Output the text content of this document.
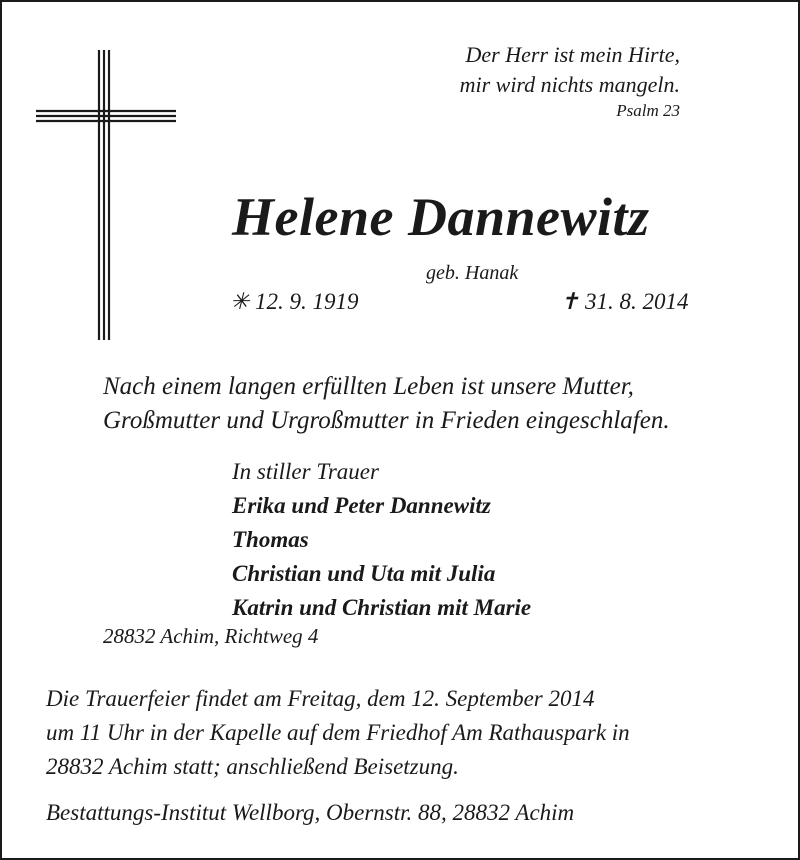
Der Herr ist mein Hirte,
mir wird nichts mangeln.
Psalm 23
Helene Dannewitz
geb. Hanak
✳ 12. 9. 1919	✝ 31. 8. 2014
Nach einem langen erfüllten Leben ist unsere Mutter,
Großmutter und Urgroßmutter in Frieden eingeschlafen.
In stiller Trauer
Erika und Peter Dannewitz
Thomas
Christian und Uta mit Julia
Katrin und Christian mit Marie
28832 Achim, Richtweg 4
Die Trauerfeier findet am Freitag, dem 12. September 2014
um 11 Uhr in der Kapelle auf dem Friedhof Am Rathauspark in
28832 Achim statt; anschließend Beisetzung.
Bestattungs-Institut Wellborg, Obernstr. 88, 28832 Achim
